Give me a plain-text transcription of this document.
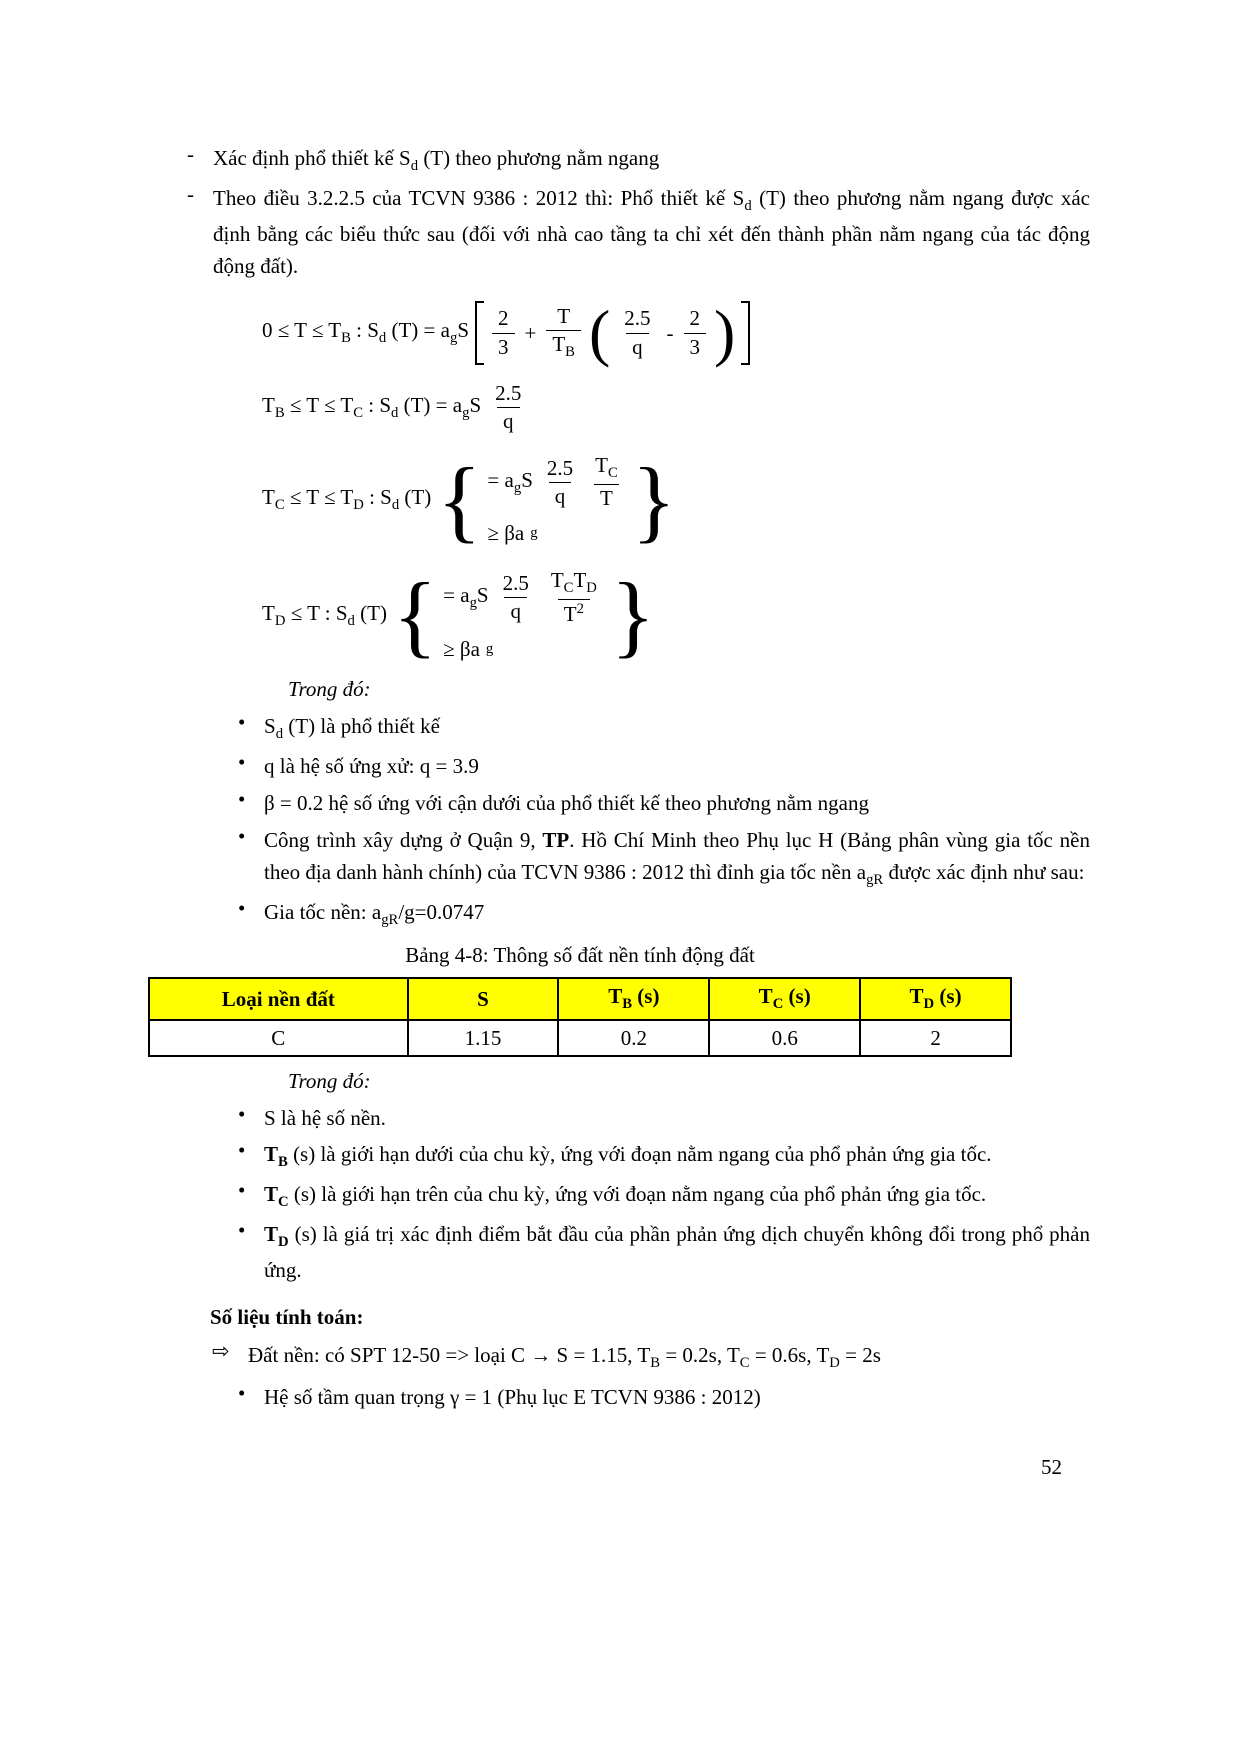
- Xác định phổ thiết kế $S_d$ (T) theo phương nằm ngang
- Theo điều 3.2.2.5 của TCVN 9386 : 2012 thì: Phổ thiết kế $S_d$ (T) theo phương nằm ngang được xác định bằng các biểu thức sau (đối với nhà cao tầng ta chỉ xét đến thành phần nằm ngang của tác động động đất).
$0 \le T \le T_B$ : $S_d$ $(T) = a_gS \frac{2}{3} + \frac{T}{T_B}$ ( $\frac{2.5}{q} - \frac{2}{3}$ )
$T_B \le T \le T_C$ : $S_d$ $(T) = a_gS \frac{2.5}{q}$
$T_C \le T \le T_D$ : $S_d$ (T) { = $a_gS \frac{2.5}{q} \frac{T_C}{T}$
≥ βa g }
$T_D \le T$ : $S_d$ (T) { = $a_gS \frac{2.5}{q} \frac{T_CT_D}{T^2}$
≥ βa g }
Trong đó:
• $S_d$ (T) là phổ thiết kế
• q là hệ số ứng xử: q = 3.9
• β = 0.2 hệ số ứng với cận dưới của phổ thiết kế theo phương nằm ngang
• Công trình xây dựng ở Quận 9, TP. Hồ Chí Minh theo Phụ lục H (Bảng phân vùng gia tốc nền theo địa danh hành chính) của TCVN 9386 : 2012 thì đỉnh gia tốc nền $a_{gR}$ được xác định như sau:
• Gia tốc nền: $a_{gR}/g=0.0747$
Bảng 4-8: Thông số đất nền tính động đất
Loại nền đất	S	$T_B$ (s)	$T_C$ (s)	$T_D$ (s)
C	1.15	0.2	0.6	2
Trong đó:
• S là hệ số nền.
• $T_B$ (s) là giới hạn dưới của chu kỳ, ứng với đoạn nằm ngang của phổ phản ứng gia tốc.
• $T_C$ (s) là giới hạn trên của chu kỳ, ứng với đoạn nằm ngang của phổ phản ứng gia tốc.
• $T_D$ (s) là giá trị xác định điểm bắt đầu của phần phản ứng dịch chuyển không đổi trong phổ phản ứng.
Số liệu tính toán:
⇨ Đất nền: có SPT 12-50 => loại C → S = 1.15, $T_B = 0.2s$, $T_C = 0.6s$, $T_D = 2s$
• Hệ số tầm quan trọng γ = 1 (Phụ lục E TCVN 9386 : 2012)
52
